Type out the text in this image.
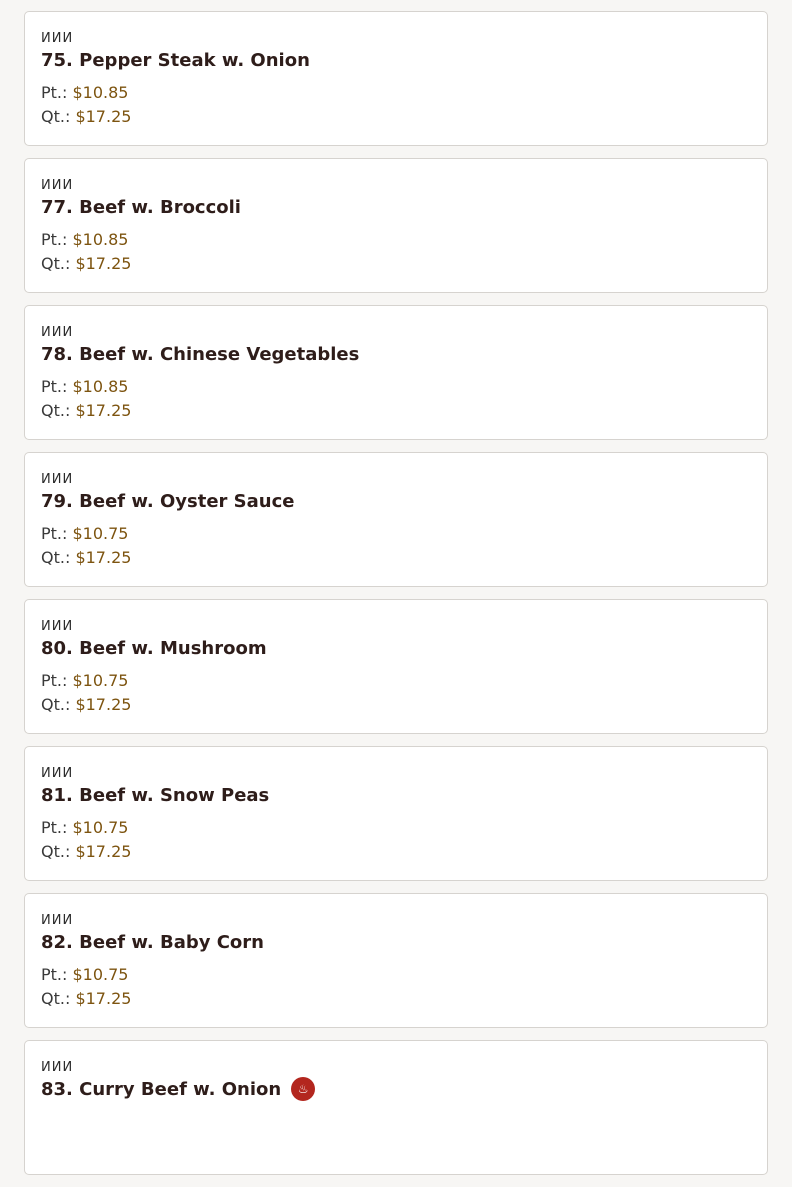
ИИИ
75. Pepper Steak w. Onion
Pt.: $10.85
Qt.: $17.25
ИИИ
77. Beef w. Broccoli
Pt.: $10.85
Qt.: $17.25
ИИИ
78. Beef w. Chinese Vegetables
Pt.: $10.85
Qt.: $17.25
ИИИ
79. Beef w. Oyster Sauce
Pt.: $10.75
Qt.: $17.25
ИИИ
80. Beef w. Mushroom
Pt.: $10.75
Qt.: $17.25
ИИИ
81. Beef w. Snow Peas
Pt.: $10.75
Qt.: $17.25
ИИИ
82. Beef w. Baby Corn
Pt.: $10.75
Qt.: $17.25
ИИИ
83. Curry Beef w. Onion	♨
